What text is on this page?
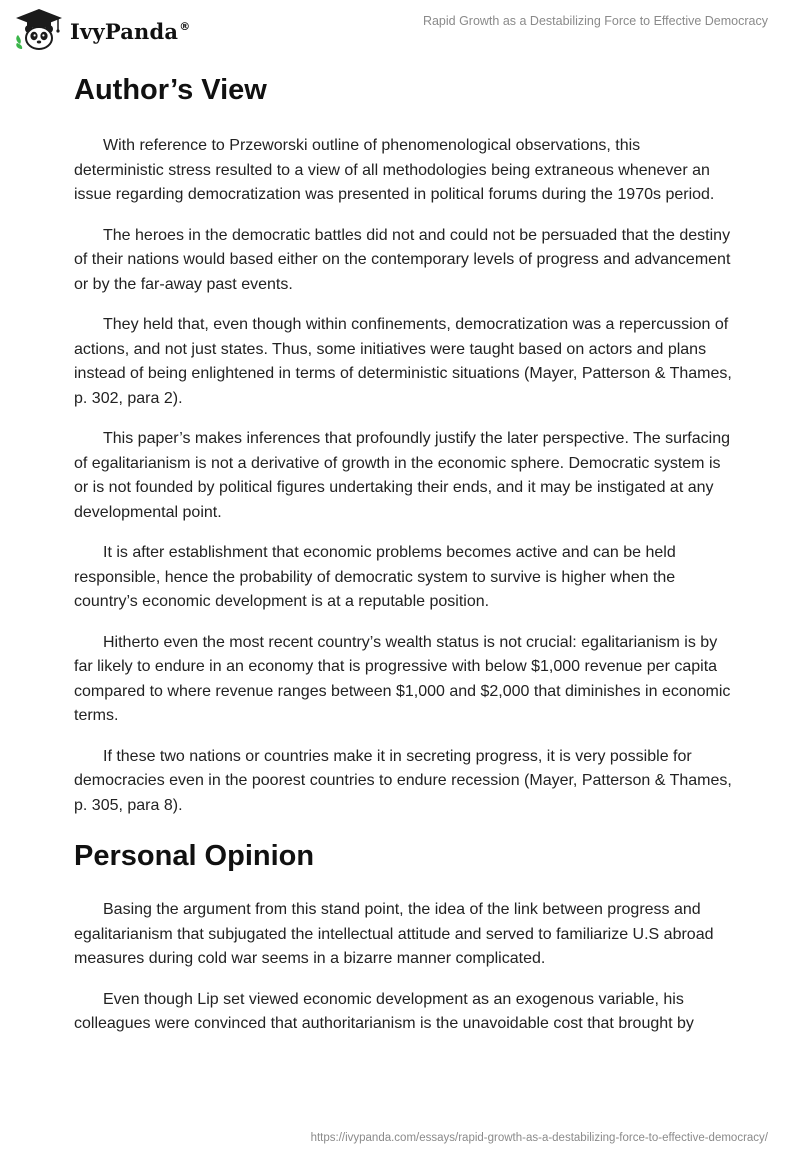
IvyPanda®	Rapid Growth as a Destabilizing Force to Effective Democracy
Author’s View

With reference to Przeworski outline of phenomenological observations, this deterministic stress resulted to a view of all methodologies being extraneous whenever an issue regarding democratization was presented in political forums during the 1970s period.

The heroes in the democratic battles did not and could not be persuaded that the destiny of their nations would based either on the contemporary levels of progress and advancement or by the far-away past events.

They held that, even though within confinements, democratization was a repercussion of actions, and not just states. Thus, some initiatives were taught based on actors and plans instead of being enlightened in terms of deterministic situations (Mayer, Patterson & Thames, p. 302, para 2).

This paper’s makes inferences that profoundly justify the later perspective. The surfacing of egalitarianism is not a derivative of growth in the economic sphere. Democratic system is or is not founded by political figures undertaking their ends, and it may be instigated at any developmental point.

It is after establishment that economic problems becomes active and can be held responsible, hence the probability of democratic system to survive is higher when the country’s economic development is at a reputable position.

Hitherto even the most recent country’s wealth status is not crucial: egalitarianism is by far likely to endure in an economy that is progressive with below $1,000 revenue per capita compared to where revenue ranges between $1,000 and $2,000 that diminishes in economic terms.

If these two nations or countries make it in secreting progress, it is very possible for democracies even in the poorest countries to endure recession (Mayer, Patterson & Thames, p. 305, para 8).

Personal Opinion

Basing the argument from this stand point, the idea of the link between progress and egalitarianism that subjugated the intellectual attitude and served to familiarize U.S abroad measures during cold war seems in a bizarre manner complicated.

Even though Lip set viewed economic development as an exogenous variable, his colleagues were convinced that authoritarianism is the unavoidable cost that brought by

https://ivypanda.com/essays/rapid-growth-as-a-destabilizing-force-to-effective-democracy/
